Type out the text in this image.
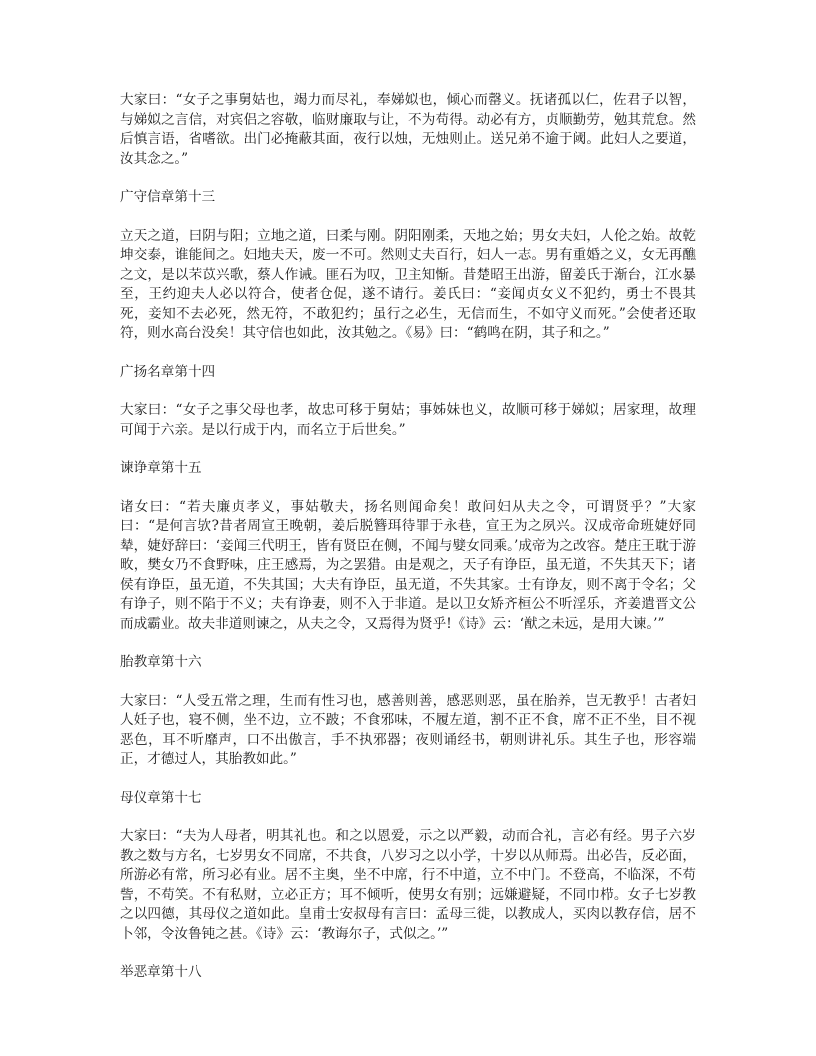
大家曰：“女子之事舅姑也，竭力而尽礼，奉娣姒也，倾心而罄义。抚诸孤以仁，佐君子以智，与娣姒之言信，对宾侣之容敬，临财廉取与让，不为苟得。动必有方，贞顺勤劳，勉其荒怠。然后慎言语，省嗜欲。出门必掩蔽其面，夜行以烛，无烛则止。送兄弟不逾于阈。此妇人之要道，汝其念之。”

广守信章第十三

立天之道，曰阴与阳；立地之道，曰柔与刚。阴阳刚柔，天地之始；男女夫妇，人伦之始。故乾坤交泰，谁能间之。妇地夫天，废一不可。然则丈夫百行，妇人一志。男有重婚之义，女无再醮之文，是以芣苡兴歌，蔡人作诫。匪石为叹，卫主知惭。昔楚昭王出游，留姜氏于渐台，江水暴至，王约迎夫人必以符合，使者仓促，遂不请行。姜氏曰：“妾闻贞女义不犯约，勇士不畏其死，妾知不去必死，然无符，不敢犯约；虽行之必生，无信而生，不如守义而死。”会使者还取符，则水高台没矣！其守信也如此，汝其勉之。《易》曰：“鹤鸣在阴，其子和之。”

广扬名章第十四

大家曰：“女子之事父母也孝，故忠可移于舅姑；事姊妹也义，故顺可移于娣姒；居家理，故理可闻于六亲。是以行成于内，而名立于后世矣。”

谏诤章第十五

诸女曰：“若夫廉贞孝义，事姑敬夫，扬名则闻命矣！敢问妇从夫之令，可谓贤乎？”大家曰：“是何言欤?昔者周宣王晚朝，姜后脱簪珥待罪于永巷，宣王为之夙兴。汉成帝命班婕妤同辇，婕妤辞曰：‘妾闻三代明王，皆有贤臣在侧，不闻与嬖女同乘。’成帝为之改容。楚庄王耽于游畋，樊女乃不食野味，庄王感焉，为之罢猎。由是观之，天子有诤臣，虽无道，不失其天下；诸侯有诤臣，虽无道，不失其国；大夫有诤臣，虽无道，不失其家。士有诤友，则不离于令名；父有诤子，则不陷于不义；夫有诤妻，则不入于非道。是以卫女矫齐桓公不听淫乐，齐姜遣晋文公而成霸业。故夫非道则谏之，从夫之令，又焉得为贤乎!《诗》云：‘猷之未远，是用大谏。’”

胎教章第十六

大家曰：“人受五常之理，生而有性习也，感善则善，感恶则恶，虽在胎养，岂无教乎！古者妇人妊子也，寝不侧，坐不边，立不跛；不食邪味，不履左道，割不正不食，席不正不坐，目不视恶色，耳不听靡声，口不出傲言，手不执邪器；夜则诵经书，朝则讲礼乐。其生子也，形容端正，才德过人，其胎教如此。”

母仪章第十七

大家曰：“夫为人母者，明其礼也。和之以恩爱，示之以严毅，动而合礼，言必有经。男子六岁教之数与方名，七岁男女不同席，不共食，八岁习之以小学，十岁以从师焉。出必告，反必面，所游必有常，所习必有业。居不主奥，坐不中席，行不中道，立不中门。不登高，不临深，不苟訾，不苟笑。不有私财，立必正方；耳不倾听，使男女有别；远嫌避疑，不同巾栉。女子七岁教之以四德，其母仪之道如此。皇甫士安叔母有言曰：孟母三徙，以教成人，买肉以教存信，居不卜邻，令汝鲁钝之甚。《诗》云：‘教诲尔子，式似之。’”

举恶章第十八
